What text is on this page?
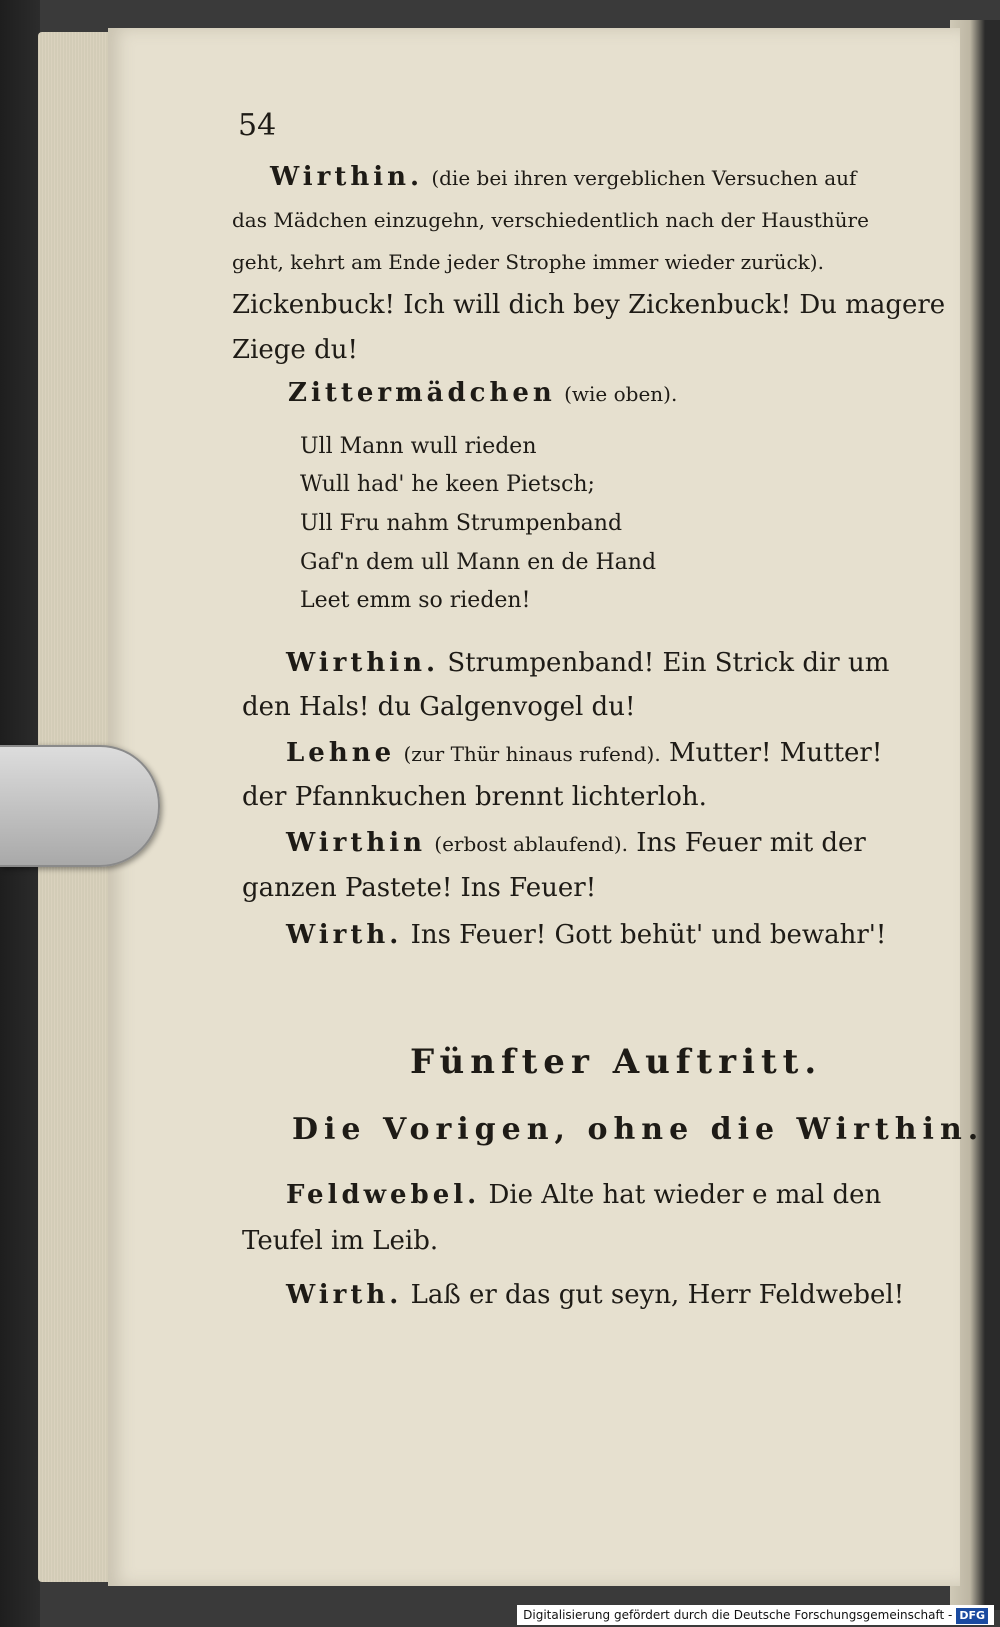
54
Wirthin. (die bei ihren vergeblichen Versuchen auf
das Mädchen einzugehn, verschiedentlich nach der Hausthüre
geht, kehrt am Ende jeder Strophe immer wieder zurück).
Zickenbuck! Ich will dich bey Zickenbuck! Du magere
Ziege du!
Zittermädchen (wie oben).
Ull Mann wull rieden
Wull had' he keen Pietsch;
Ull Fru nahm Strumpenband
Gaf'n dem ull Mann en de Hand
Leet emm so rieden!
Wirthin. Strumpenband! Ein Strick dir um
den Hals! du Galgenvogel du!
Lehne (zur Thür hinaus rufend). Mutter! Mutter!
der Pfannkuchen brennt lichterloh.
Wirthin (erbost ablaufend). Ins Feuer mit der
ganzen Pastete! Ins Feuer!
Wirth. Ins Feuer! Gott behüt' und bewahr'!
Fünfter Auftritt.
Die Vorigen, ohne die Wirthin.
Feldwebel. Die Alte hat wieder e mal den
Teufel im Leib.
Wirth. Laß er das gut seyn, Herr Feldwebel!
Digitalisierung gefördert durch die Deutsche Forschungsgemeinschaft - DFG
